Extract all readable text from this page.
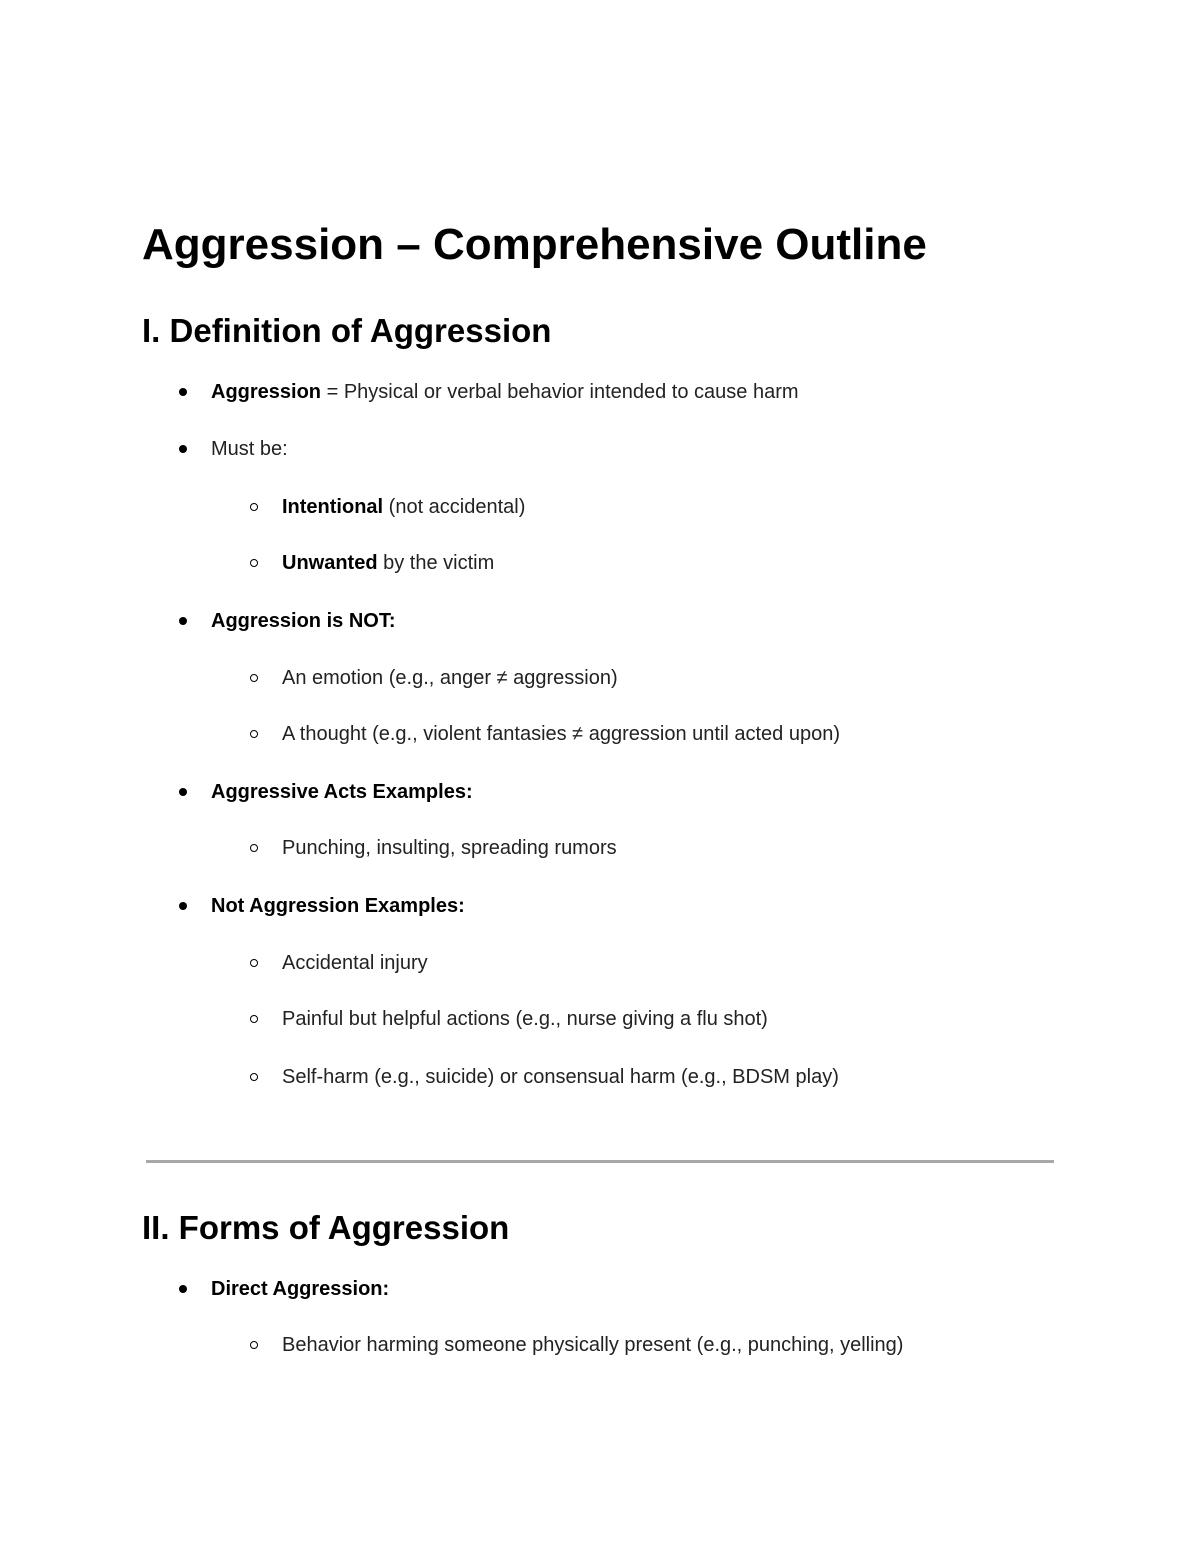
Aggression – Comprehensive Outline
I. Definition of Aggression
Aggression = Physical or verbal behavior intended to cause harm
Must be:
Intentional (not accidental)
Unwanted by the victim
Aggression is NOT:
An emotion (e.g., anger ≠ aggression)
A thought (e.g., violent fantasies ≠ aggression until acted upon)
Aggressive Acts Examples:
Punching, insulting, spreading rumors
Not Aggression Examples:
Accidental injury
Painful but helpful actions (e.g., nurse giving a flu shot)
Self-harm (e.g., suicide) or consensual harm (e.g., BDSM play)
II. Forms of Aggression
Direct Aggression:
Behavior harming someone physically present (e.g., punching, yelling)
